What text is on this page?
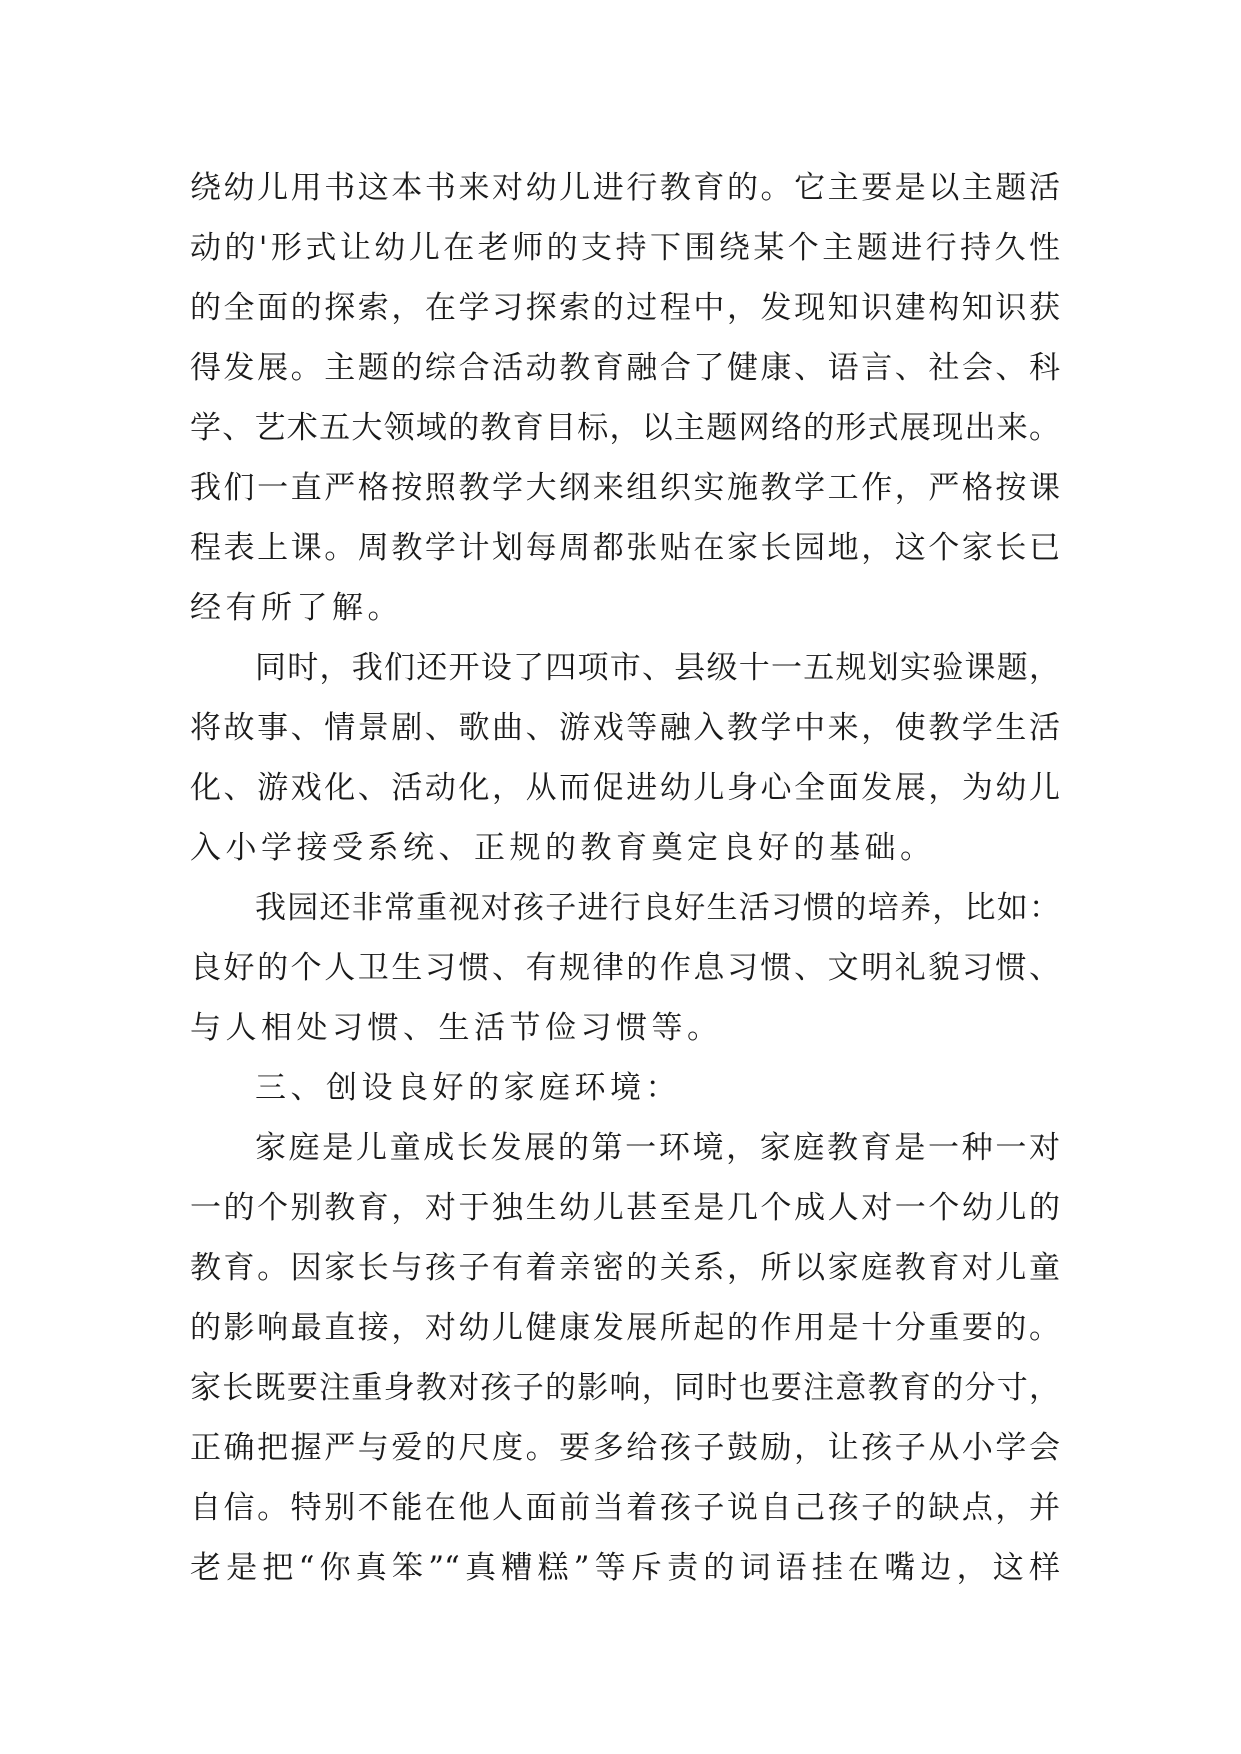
绕幼儿用书这本书来对幼儿进行教育的。它主要是以主题活
动的'形式让幼儿在老师的支持下围绕某个主题进行持久性
的全面的探索，在学习探索的过程中，发现知识建构知识获
得发展。主题的综合活动教育融合了健康、语言、社会、科
学、艺术五大领域的教育目标，以主题网络的形式展现出来。
我们一直严格按照教学大纲来组织实施教学工作，严格按课
程表上课。周教学计划每周都张贴在家长园地，这个家长已
经有所了解。
同时，我们还开设了四项市、县级十一五规划实验课题，
将故事、情景剧、歌曲、游戏等融入教学中来，使教学生活
化、游戏化、活动化，从而促进幼儿身心全面发展，为幼儿
入小学接受系统、正规的教育奠定良好的基础。
我园还非常重视对孩子进行良好生活习惯的培养，比如：
良好的个人卫生习惯、有规律的作息习惯、文明礼貌习惯、
与人相处习惯、生活节俭习惯等。
三、创设良好的家庭环境：
家庭是儿童成长发展的第一环境，家庭教育是一种一对
一的个别教育，对于独生幼儿甚至是几个成人对一个幼儿的
教育。因家长与孩子有着亲密的关系，所以家庭教育对儿童
的影响最直接，对幼儿健康发展所起的作用是十分重要的。
家长既要注重身教对孩子的影响，同时也要注意教育的分寸，
正确把握严与爱的尺度。要多给孩子鼓励，让孩子从小学会
自信。特别不能在他人面前当着孩子说自己孩子的缺点，并
老是把“你真笨”“真糟糕”等斥责的词语挂在嘴边，这样
